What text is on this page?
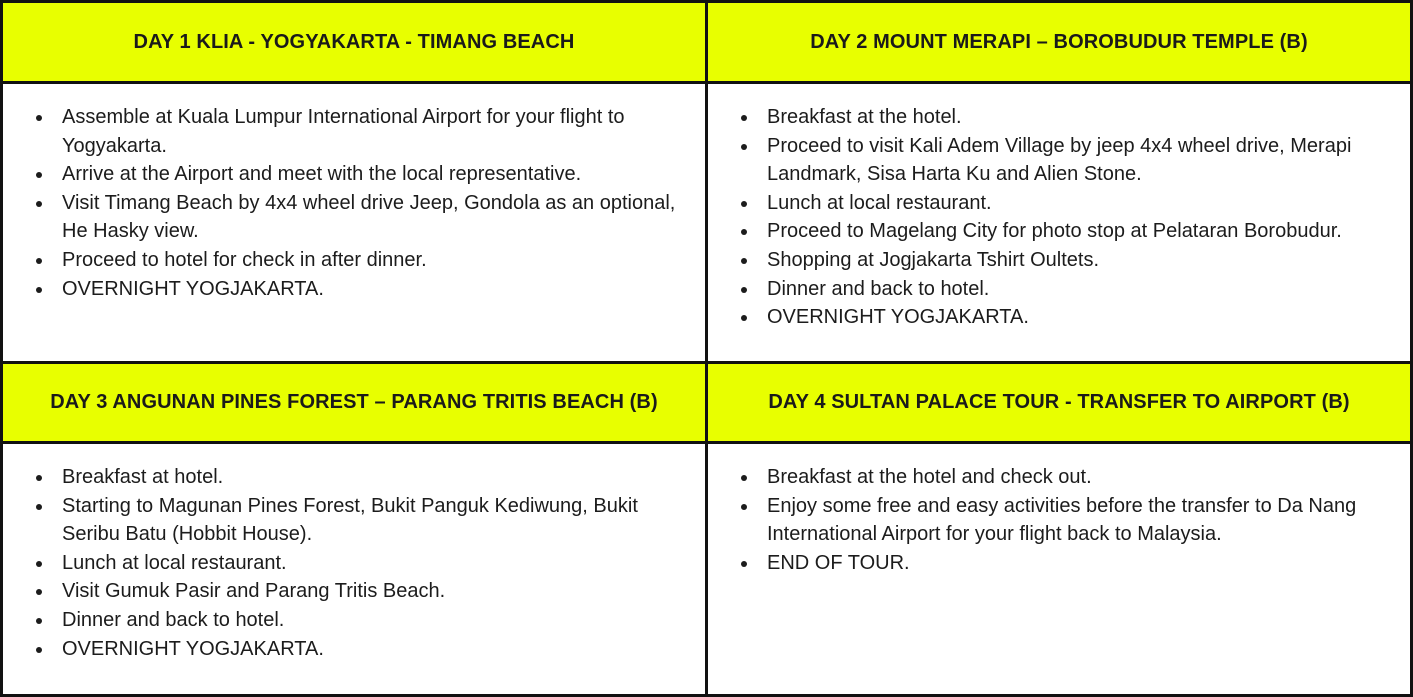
DAY 1 KLIA - YOGYAKARTA - TIMANG BEACH	DAY 2 MOUNT MERAPI – BOROBUDUR TEMPLE (B)
Assemble at Kuala Lumpur International Airport for your flight to Yogyakarta.
Arrive at the Airport and meet with the local representative.
Visit Timang Beach by 4x4 wheel drive Jeep, Gondola as an optional, He Hasky view.
Proceed to hotel for check in after dinner.
OVERNIGHT YOGJAKARTA.
Breakfast at the hotel.
Proceed to visit Kali Adem Village by jeep 4x4 wheel drive, Merapi Landmark, Sisa Harta Ku and Alien Stone.
Lunch at local restaurant.
Proceed to Magelang City for photo stop at Pelataran Borobudur.
Shopping at Jogjakarta Tshirt Oultets.
Dinner and back to hotel.
OVERNIGHT YOGJAKARTA.
DAY 3 ANGUNAN PINES FOREST – PARANG TRITIS BEACH (B)	DAY 4 SULTAN PALACE TOUR - TRANSFER TO AIRPORT (B)
Breakfast at hotel.
Starting to Magunan Pines Forest, Bukit Panguk Kediwung, Bukit Seribu Batu (Hobbit House).
Lunch at local restaurant.
Visit Gumuk Pasir and Parang Tritis Beach.
Dinner and back to hotel.
OVERNIGHT YOGJAKARTA.
Breakfast at the hotel and check out.
Enjoy some free and easy activities before the transfer to Da Nang International Airport for your flight back to Malaysia.
END OF TOUR.
